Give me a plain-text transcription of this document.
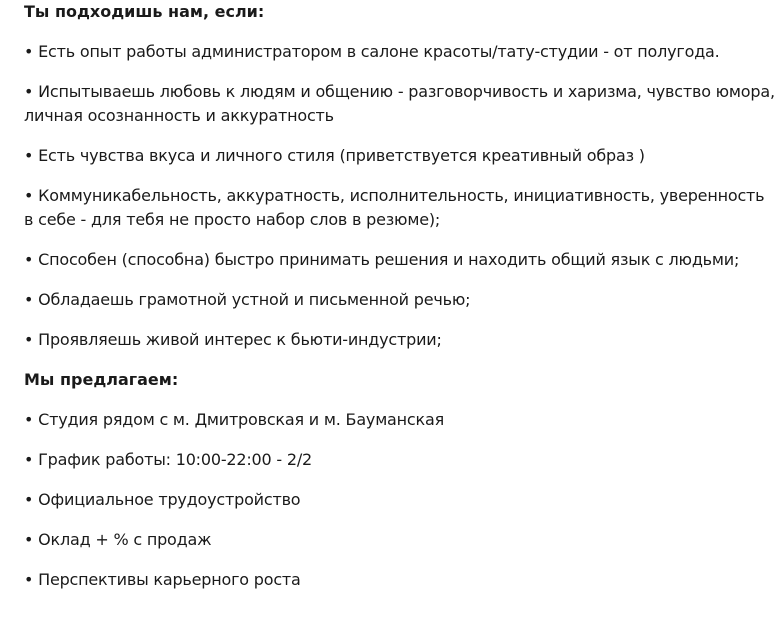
Ты подходишь нам, если:

• Есть опыт работы администратором в салоне красоты/тату-студии - от полугода.

• Испытываешь любовь к людям и общению - разговорчивость и харизма, чувство юмора, личная осознанность и аккуратность

• Есть чувства вкуса и личного стиля (приветствуется креативный образ )

• Коммуникабельность, аккуратность, исполнительность, инициативность, уверенность в себе - для тебя не просто набор слов в резюме);

• Способен (способна) быстро принимать решения и находить общий язык с людьми;

• Обладаешь грамотной устной и письменной речью;

• Проявляешь живой интерес к бьюти-индустрии;

Мы предлагаем:

• Студия рядом с м. Дмитровская и м. Бауманская

• График работы: 10:00-22:00 - 2/2

• Официальное трудоустройство

• Оклад + % с продаж

• Перспективы карьерного роста
